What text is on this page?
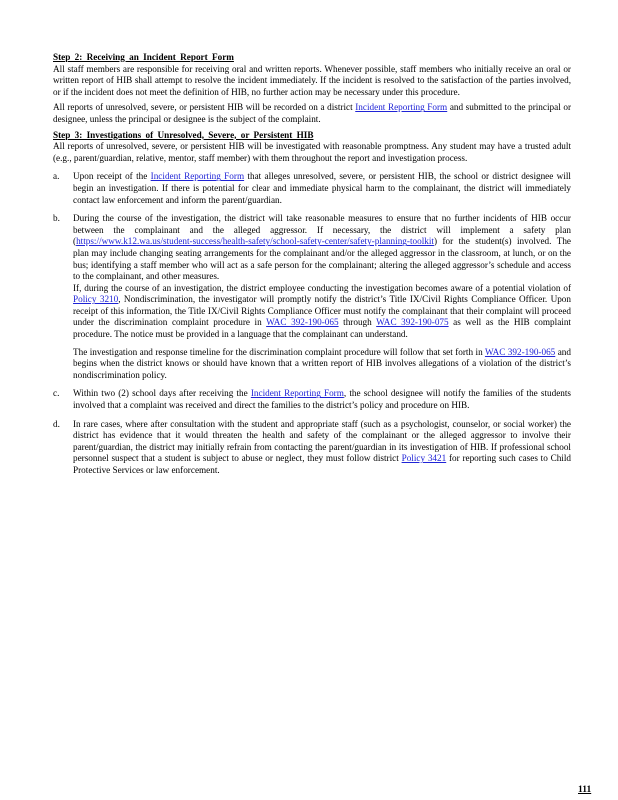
Step 2: Receiving an Incident Report Form

All staff members are responsible for receiving oral and written reports. Whenever possible, staff members who initially receive an oral or written report of HIB shall attempt to resolve the incident immediately. If the incident is resolved to the satisfaction of the parties involved, or if the incident does not meet the definition of HIB, no further action may be necessary under this procedure.

All reports of unresolved, severe, or persistent HIB will be recorded on a district Incident Reporting Form and submitted to the principal or designee, unless the principal or designee is the subject of the complaint.

Step 3: Investigations of Unresolved, Severe, or Persistent HIB

All reports of unresolved, severe, or persistent HIB will be investigated with reasonable promptness. Any student may have a trusted adult (e.g., parent/guardian, relative, mentor, staff member) with them throughout the report and investigation process.

a. Upon receipt of the Incident Reporting Form that alleges unresolved, severe, or persistent HIB, the school or district designee will begin an investigation. If there is potential for clear and immediate physical harm to the complainant, the district will immediately contact law enforcement and inform the parent/guardian.
b. During the course of the investigation, the district will take reasonable measures to ensure that no further incidents of HIB occur between the complainant and the alleged aggressor. If necessary, the district will implement a safety plan (https://www.k12.wa.us/student-success/health-safety/school-safety-center/safety-planning-toolkit) for the student(s) involved. The plan may include changing seating arrangements for the complainant and/or the alleged aggressor in the classroom, at lunch, or on the bus; identifying a staff member who will act as a safe person for the complainant; altering the alleged aggressor’s schedule and access to the complainant, and other measures.

If, during the course of an investigation, the district employee conducting the investigation becomes aware of a potential violation of Policy 3210, Nondiscrimination, the investigator will promptly notify the district’s Title IX/Civil Rights Compliance Officer. Upon receipt of this information, the Title IX/Civil Rights Compliance Officer must notify the complainant that their complaint will proceed under the discrimination complaint procedure in WAC 392-190-065 through WAC 392-190-075 as well as the HIB complaint procedure. The notice must be provided in a language that the complainant can understand.

The investigation and response timeline for the discrimination complaint procedure will follow that set forth in WAC 392-190-065 and begins when the district knows or should have known that a written report of HIB involves allegations of a violation of the district’s nondiscrimination policy.

c. Within two (2) school days after receiving the Incident Reporting Form, the school designee will notify the families of the students involved that a complaint was received and direct the families to the district’s policy and procedure on HIB.
d. In rare cases, where after consultation with the student and appropriate staff (such as a psychologist, counselor, or social worker) the district has evidence that it would threaten the health and safety of the complainant or the alleged aggressor to involve their parent/guardian, the district may initially refrain from contacting the parent/guardian in its investigation of HIB. If professional school personnel suspect that a student is subject to abuse or neglect, they must follow district Policy 3421 for reporting such cases to Child Protective Services or law enforcement.
111
